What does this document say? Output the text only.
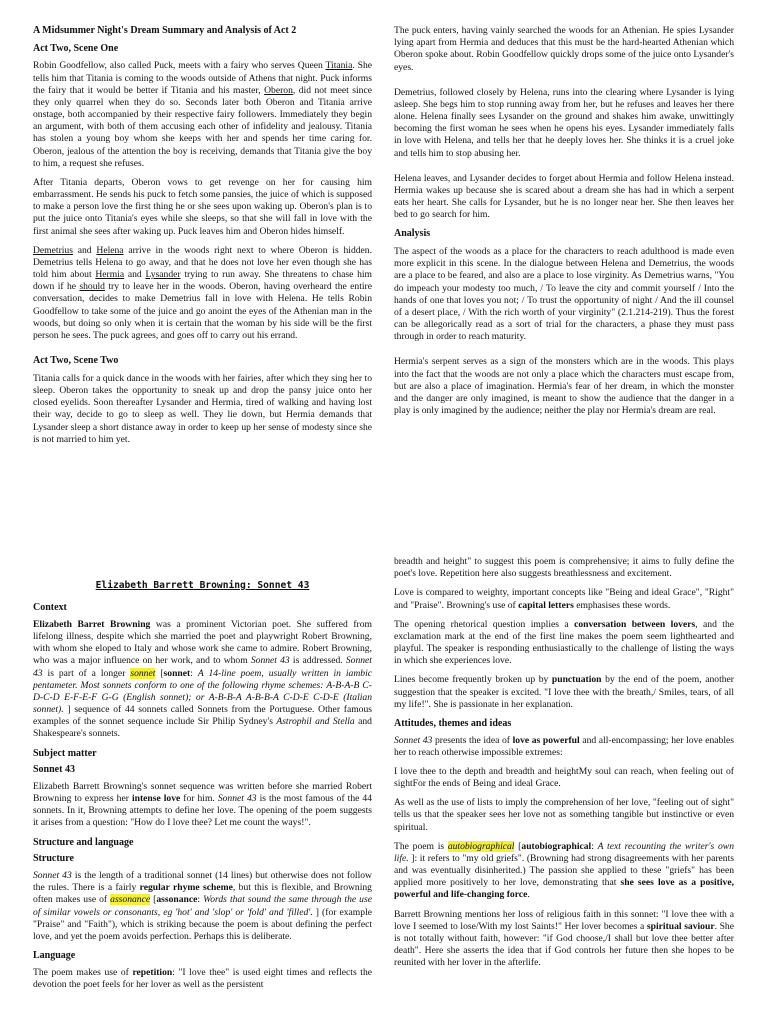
A Midsummer Night's Dream Summary and Analysis of Act 2
Act Two, Scene One

Robin Goodfellow, also called Puck, meets with a fairy who serves Queen Titania. She tells him that Titania is coming to the woods outside of Athens that night. Puck informs the fairy that it would be better if Titania and his master, Oberon, did not meet since they only quarrel when they do so. Seconds later both Oberon and Titania arrive onstage, both accompanied by their respective fairy followers. Immediately they begin an argument, with both of them accusing each other of infidelity and jealousy. Titania has stolen a young boy whom she keeps with her and spends her time caring for. Oberon, jealous of the attention the boy is receiving, demands that Titania give the boy to him, a request she refuses.

After Titania departs, Oberon vows to get revenge on her for causing him embarrassment. He sends his puck to fetch some pansies, the juice of which is supposed to make a person love the first thing he or she sees upon waking up. Oberon's plan is to put the juice onto Titania's eyes while she sleeps, so that she will fall in love with the first animal she sees after waking up. Puck leaves him and Oberon hides himself.

Demetrius and Helena arrive in the woods right next to where Oberon is hidden. Demetrius tells Helena to go away, and that he does not love her even though she has told him about Hermia and Lysander trying to run away. She threatens to chase him down if he should try to leave her in the woods. Oberon, having overheard the entire conversation, decides to make Demetrius fall in love with Helena. He tells Robin Goodfellow to take some of the juice and go anoint the eyes of the Athenian man in the woods, but doing so only when it is certain that the woman by his side will be the first person he sees. The puck agrees, and goes off to carry out his errand.

Act Two, Scene Two

Titania calls for a quick dance in the woods with her fairies, after which they sing her to sleep. Oberon takes the opportunity to sneak up and drop the pansy juice onto her closed eyelids. Soon thereafter Lysander and Hermia, tired of walking and having lost their way, decide to go to sleep as well. They lie down, but Hermia demands that Lysander sleep a short distance away in order to keep up her sense of modesty since she is not married to him yet.

The puck enters, having vainly searched the woods for an Athenian. He spies Lysander lying apart from Hermia and deduces that this must be the hard-hearted Athenian which Oberon spoke about. Robin Goodfellow quickly drops some of the juice onto Lysander's eyes.

Demetrius, followed closely by Helena, runs into the clearing where Lysander is lying asleep. She begs him to stop running away from her, but he refuses and leaves her there alone. Helena finally sees Lysander on the ground and shakes him awake, unwittingly becoming the first woman he sees when he opens his eyes. Lysander immediately falls in love with Helena, and tells her that he deeply loves her. She thinks it is a cruel joke and tells him to stop abusing her.

Helena leaves, and Lysander decides to forget about Hermia and follow Helena instead. Hermia wakes up because she is scared about a dream she has had in which a serpent eats her heart. She calls for Lysander, but he is no longer near her. She then leaves her bed to go search for him.

Analysis

The aspect of the woods as a place for the characters to reach adulthood is made even more explicit in this scene. In the dialogue between Helena and Demetrius, the woods are a place to be feared, and also are a place to lose virginity. As Demetrius warns, "You do impeach your modesty too much, / To leave the city and commit yourself / Into the hands of one that loves you not; / To trust the opportunity of night / And the ill counsel of a desert place, / With the rich worth of your virginity" (2.1.214-219). Thus the forest can be allegorically read as a sort of trial for the characters, a phase they must pass through in order to reach maturity.

Hermia's serpent serves as a sign of the monsters which are in the woods. This plays into the fact that the woods are not only a place which the characters must escape from, but are also a place of imagination. Hermia's fear of her dream, in which the monster and the danger are only imagined, is meant to show the audience that the danger in a play is only imagined by the audience; neither the play nor Hermia's dream are real.

Elizabeth Barrett Browning: Sonnet 43
Context

Elizabeth Barret Browning was a prominent Victorian poet. She suffered from lifelong illness, despite which she married the poet and playwright Robert Browning, with whom she eloped to Italy and whose work she came to admire. Robert Browning, who was a major influence on her work, and to whom Sonnet 43 is addressed. Sonnet 43 is part of a longer sonnet [sonnet: A 14-line poem, usually written in iambic pentameter. Most sonnets conform to one of the following rhyme schemes: A-B-A-B C-D-C-D E-F-E-F G-G (English sonnet); or A-B-B-A A-B-B-A C-D-E C-D-E (Italian sonnet). ] sequence of 44 sonnets called Sonnets from the Portuguese. Other famous examples of the sonnet sequence include Sir Philip Sydney's Astrophil and Stella and Shakespeare's sonnets.

Subject matter
Sonnet 43

Elizabeth Barrett Browning's sonnet sequence was written before she married Robert Browning to express her intense love for him. Sonnet 43 is the most famous of the 44 sonnets. In it, Browning attempts to define her love. The opening of the poem suggests it arises from a question: "How do I love thee? Let me count the ways!".

Structure and language
Structure

Sonnet 43 is the length of a traditional sonnet (14 lines) but otherwise does not follow the rules. There is a fairly regular rhyme scheme, but this is flexible, and Browning often makes use of assonance [assonance: Words that sound the same through the use of similar vowels or consonants, eg 'hot' and 'slop' or 'fold' and 'filled'. ] (for example "Praise" and "Faith"), which is striking because the poem is about defining the perfect love, and yet the poem avoids perfection. Perhaps this is deliberate.

Language

The poem makes use of repetition: "I love thee" is used eight times and reflects the devotion the poet feels for her lover as well as the persistent

breadth and height" to suggest this poem is comprehensive; it aims to fully define the poet's love. Repetition here also suggests breathlessness and excitement.

Love is compared to weighty, important concepts like "Being and ideal Grace", "Right" and "Praise". Browning's use of capital letters emphasises these words.

The opening rhetorical question implies a conversation between lovers, and the exclamation mark at the end of the first line makes the poem seem lighthearted and playful. The speaker is responding enthusiastically to the challenge of listing the ways in which she experiences love.

Lines become frequently broken up by punctuation by the end of the poem, another suggestion that the speaker is excited. "I love thee with the breath,/ Smiles, tears, of all my life!". She is passionate in her explanation.

Attitudes, themes and ideas

Sonnet 43 presents the idea of love as powerful and all-encompassing; her love enables her to reach otherwise impossible extremes:

I love thee to the depth and breadth and heightMy soul can reach, when feeling out of sightFor the ends of Being and ideal Grace.

As well as the use of lists to imply the comprehension of her love, "feeling out of sight" tells us that the speaker sees her love not as something tangible but instinctive or even spiritual.

The poem is autobiographical [autobiographical: A text recounting the writer's own life. ]: it refers to "my old griefs". (Browning had strong disagreements with her parents and was eventually disinherited.) The passion she applied to these "griefs" has been applied more positively to her love, demonstrating that she sees love as a positive, powerful and life-changing force.

Barrett Browning mentions her loss of religious faith in this sonnet: "I love thee with a love I seemed to lose/With my lost Saints!" Her lover becomes a spiritual saviour. She is not totally without faith, however: "if God choose,/I shall but love thee better after death". Here she asserts the idea that if God controls her future then she hopes to be reunited with her lover in the afterlife.
